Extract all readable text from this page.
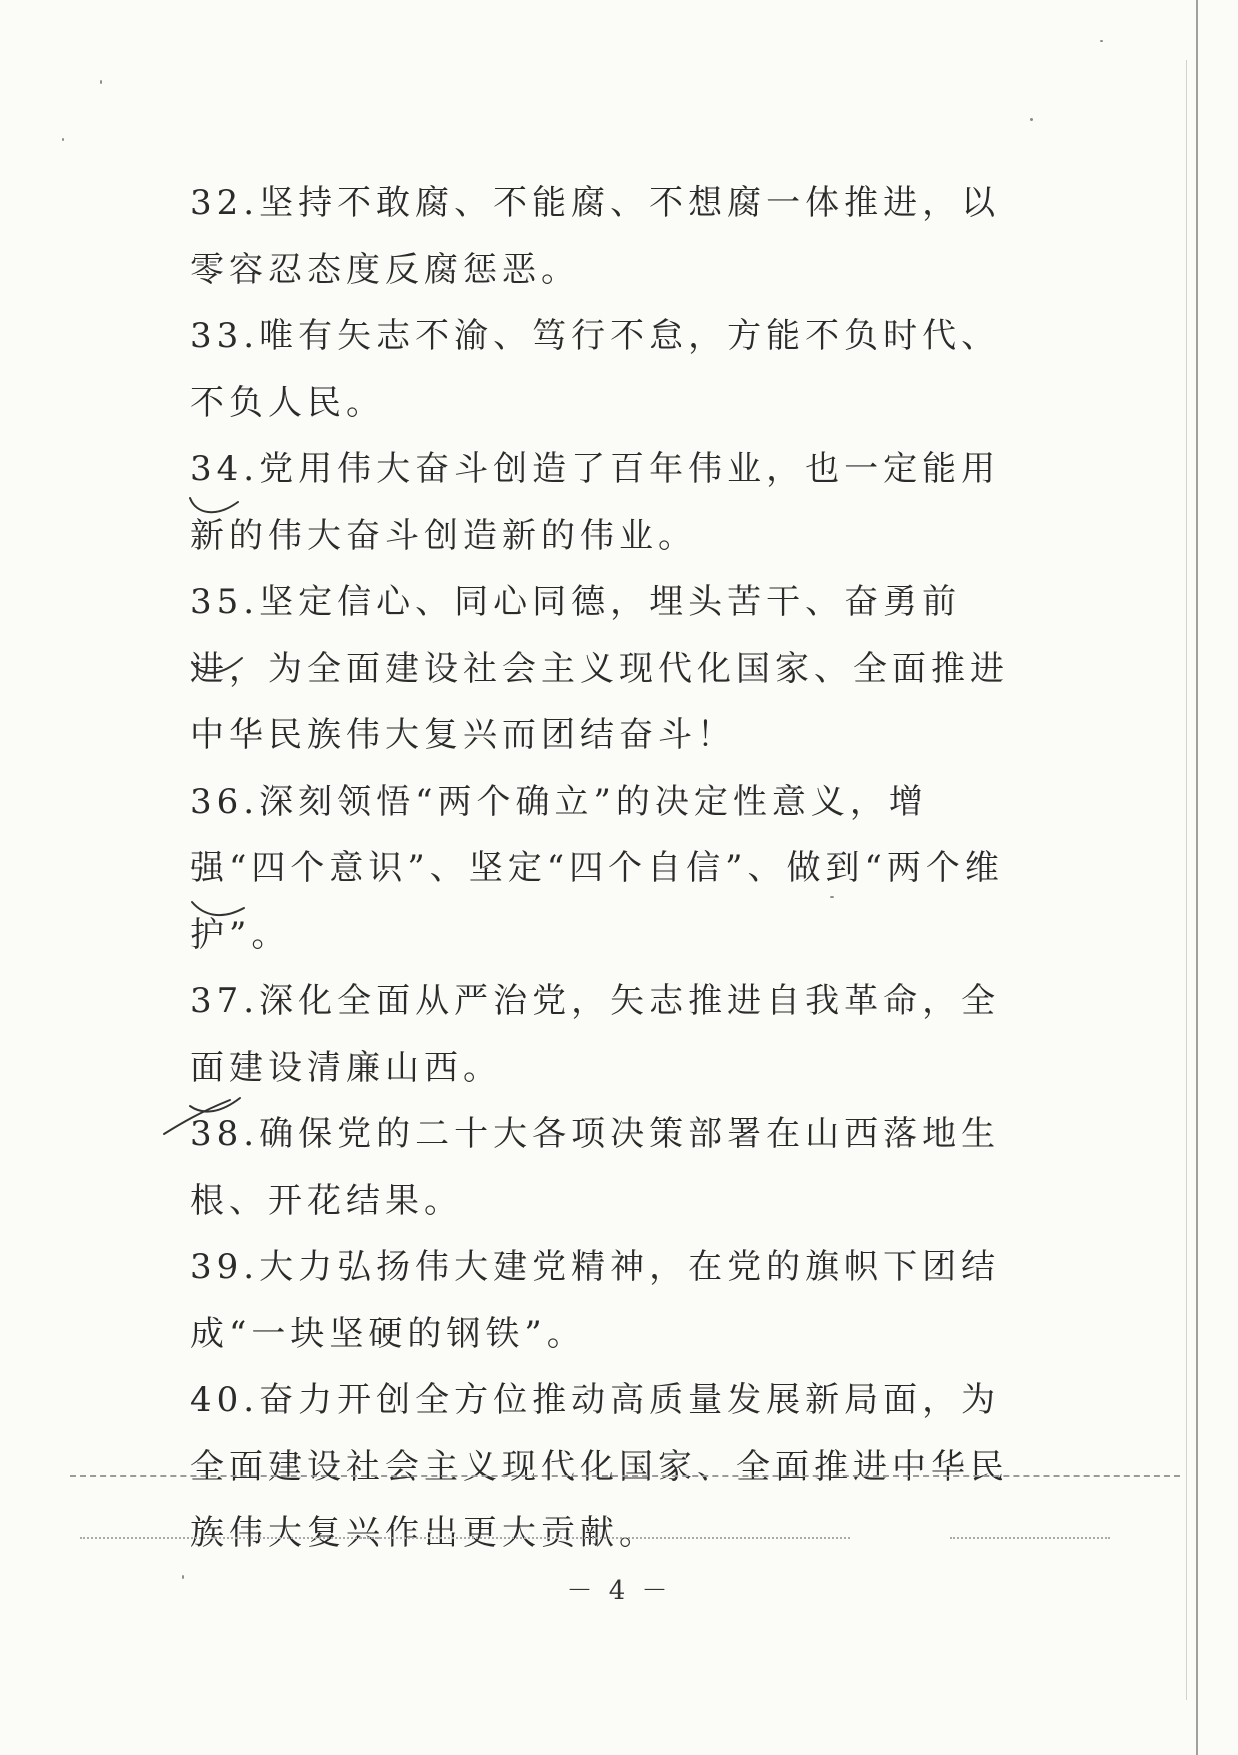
32.坚持不敢腐、不能腐、不想腐一体推进，以零容忍态度反腐惩恶。

33.唯有矢志不渝、笃行不怠，方能不负时代、不负人民。

34.党用伟大奋斗创造了百年伟业，也一定能用新的伟大奋斗创造新的伟业。

35.坚定信心、同心同德，埋头苦干、奋勇前进，为全面建设社会主义现代化国家、全面推进中华民族伟大复兴而团结奋斗！

36.深刻领悟“两个确立”的决定性意义，增强“四个意识”、坚定“四个自信”、做到“两个维护”。

37.深化全面从严治党，矢志推进自我革命，全面建设清廉山西。

38.确保党的二十大各项决策部署在山西落地生根、开花结果。

39.大力弘扬伟大建党精神，在党的旗帜下团结成“一块坚硬的钢铁”。

40.奋力开创全方位推动高质量发展新局面，为全面建设社会主义现代化国家、全面推进中华民族伟大复兴作出更大贡献。

－ 4 －
